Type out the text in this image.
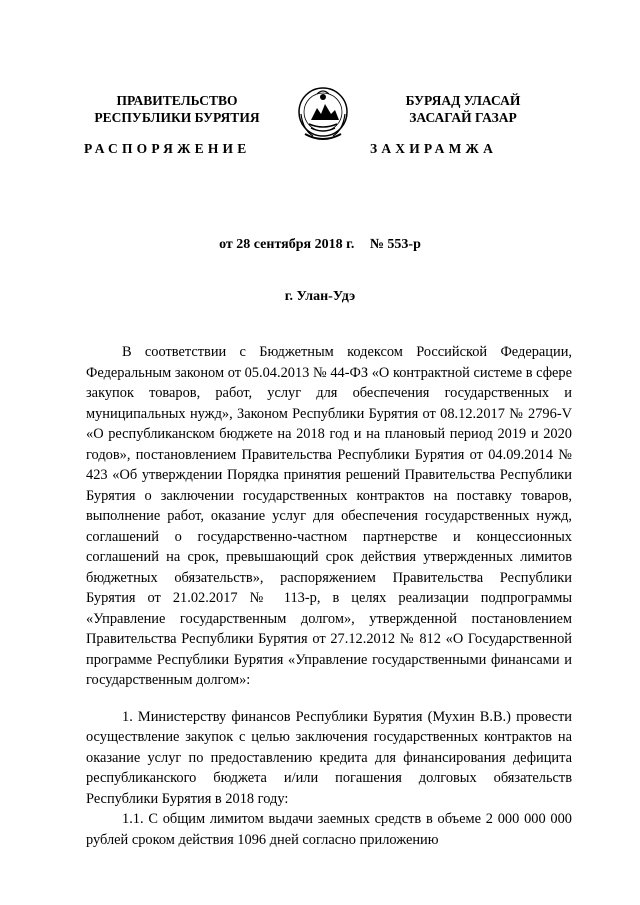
ПРАВИТЕЛЬСТВО
РЕСПУБЛИКИ БУРЯТИЯ
БУРЯАД УЛАСАЙ
ЗАСАГАЙ ГАЗАР
РАСПОРЯЖЕНИЕ	ЗАХИРАМЖА
от 28 сентября 2018 г. № 553-р
г. Улан-Удэ

В соответствии с Бюджетным кодексом Российской Федерации, Федеральным законом от 05.04.2013 № 44-ФЗ «О контрактной системе в сфере закупок товаров, работ, услуг для обеспечения государственных и муниципальных нужд», Законом Республики Бурятия от 08.12.2017 № 2796-V «О республиканском бюджете на 2018 год и на плановый период 2019 и 2020 годов», постановлением Правительства Республики Бурятия от 04.09.2014 № 423 «Об утверждении Порядка принятия решений Правительства Республики Бурятия о заключении государственных контрактов на поставку товаров, выполнение работ, оказание услуг для обеспечения государственных нужд, соглашений о государственно-частном партнерстве и концессионных соглашений на срок, превышающий срок действия утвержденных лимитов бюджетных обязательств», распоряжением Правительства Республики Бурятия от 21.02.2017 № 113-р, в целях реализации подпрограммы «Управление государственным долгом», утвержденной постановлением Правительства Республики Бурятия от 27.12.2012 № 812 «О Государственной программе Республики Бурятия «Управление государственными финансами и государственным долгом»:

1. Министерству финансов Республики Бурятия (Мухин В.В.) провести осуществление закупок с целью заключения государственных контрактов на оказание услуг по предоставлению кредита для финансирования дефицита республиканского бюджета и/или погашения долговых обязательств Республики Бурятия в 2018 году:

1.1. С общим лимитом выдачи заемных средств в объеме 2 000 000 000 рублей сроком действия 1096 дней согласно приложению
